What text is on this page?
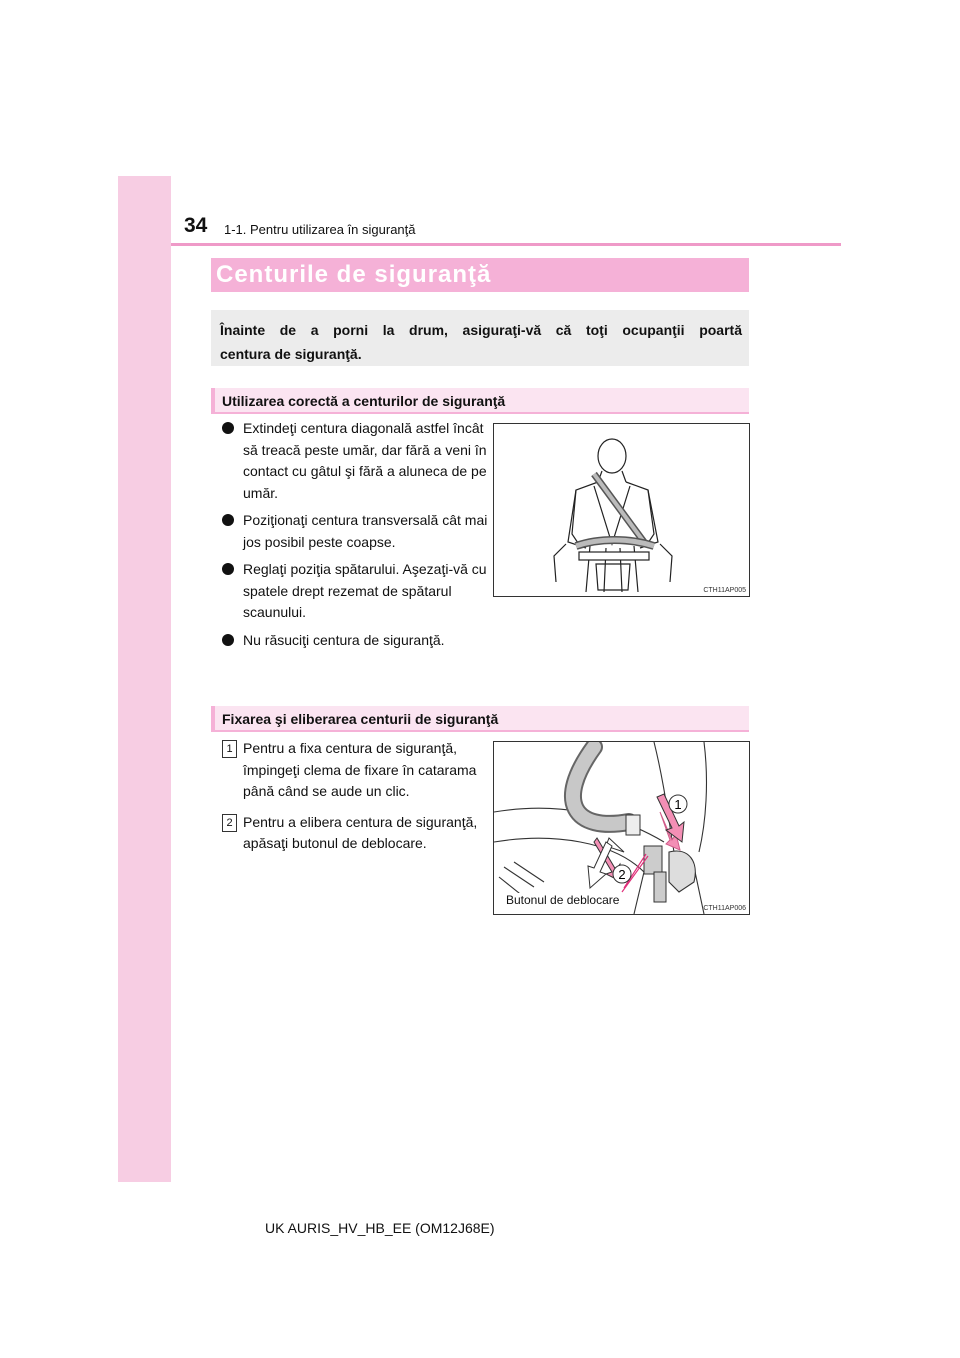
34 1-1. Pentru utilizarea în siguranţă
Centurile de siguranţă
Înainte de a porni la drum, asiguraţi-vă că toţi ocupanţii poartă
centura de siguranţă.
Utilizarea corectă a centurilor de siguranţă
Extindeţi centura diagonală astfel încât să treacă peste umăr, dar fără a veni în contact cu gâtul şi fără a aluneca de pe umăr.
Poziţionaţi centura transversală cât mai jos posibil peste coapse.
Reglaţi poziţia spătarului. Aşezaţi-vă cu spatele drept rezemat de spătarul scaunului.
Nu răsuciţi centura de siguranţă.
CTH11AP005
Fixarea şi eliberarea centurii de siguranţă
1 Pentru a fixa centura de siguranţă, împingeţi clema de fixare în catarama până când se aude un clic.
2 Pentru a elibera centura de siguranţă, apăsaţi butonul de deblocare.
1
2
Butonul de deblocare
CTH11AP006
UK AURIS_HV_HB_EE (OM12J68E)
